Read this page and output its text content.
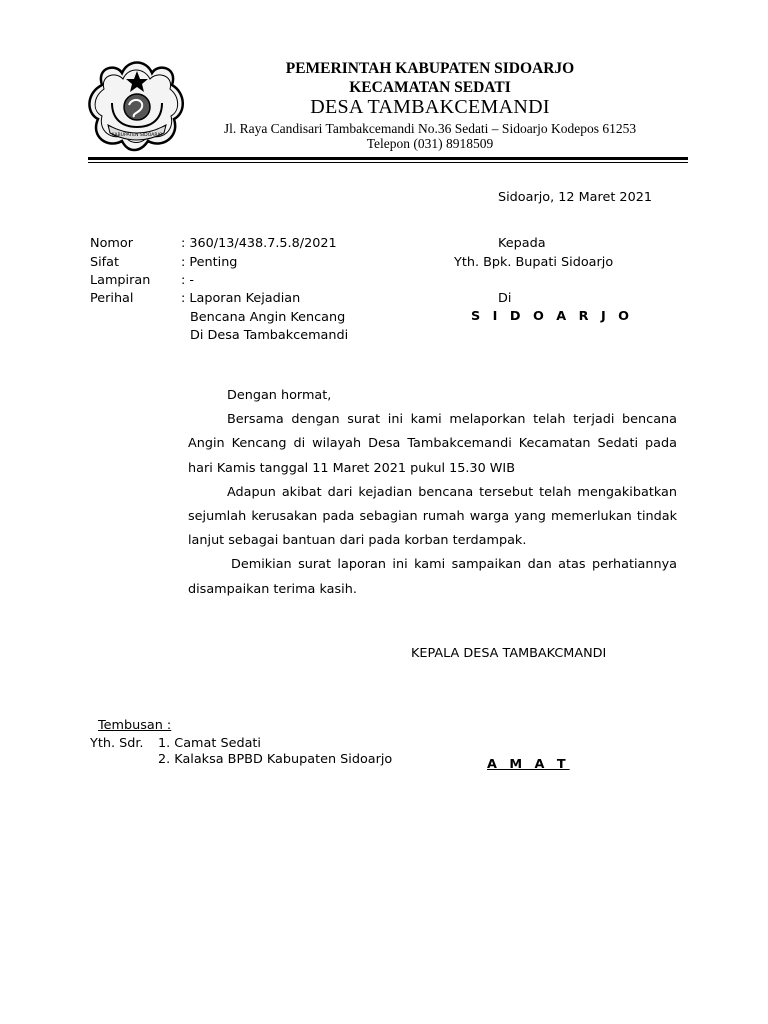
KABUPATEN SIDOARJO
PEMERINTAH KABUPATEN SIDOARJO
KECAMATAN SEDATI
DESA TAMBAKCEMANDI
Jl. Raya Candisari Tambakcemandi No.36 Sedati – Sidoarjo Kodepos 61253
Telepon (031) 8918509
Sidoarjo, 12 Maret 2021
Nomor	: 360/13/438.7.5.8/2021
Sifat	: Penting
Lampiran : -
Perihal	: Laporan Kejadian
Bencana Angin Kencang
Di Desa Tambakcemandi
Kepada
Yth. Bpk. Bupati Sidoarjo
Di
S I D O A R J O

Dengan hormat,

Bersama dengan surat ini kami melaporkan telah terjadi bencana Angin Kencang di wilayah Desa Tambakcemandi Kecamatan Sedati pada hari Kamis tanggal 11 Maret 2021 pukul 15.30 WIB

Adapun akibat dari kejadian bencana tersebut telah mengakibatkan sejumlah kerusakan pada sebagian rumah warga yang memerlukan tindak lanjut sebagai bantuan dari pada korban terdampak.

Demikian surat laporan ini kami sampaikan dan atas perhatiannya disampaikan terima kasih.

KEPALA DESA TAMBAKCMANDI
A M A T
Tembusan :
Yth. Sdr. 1. Camat Sedati
2. Kalaksa BPBD Kabupaten Sidoarjo
